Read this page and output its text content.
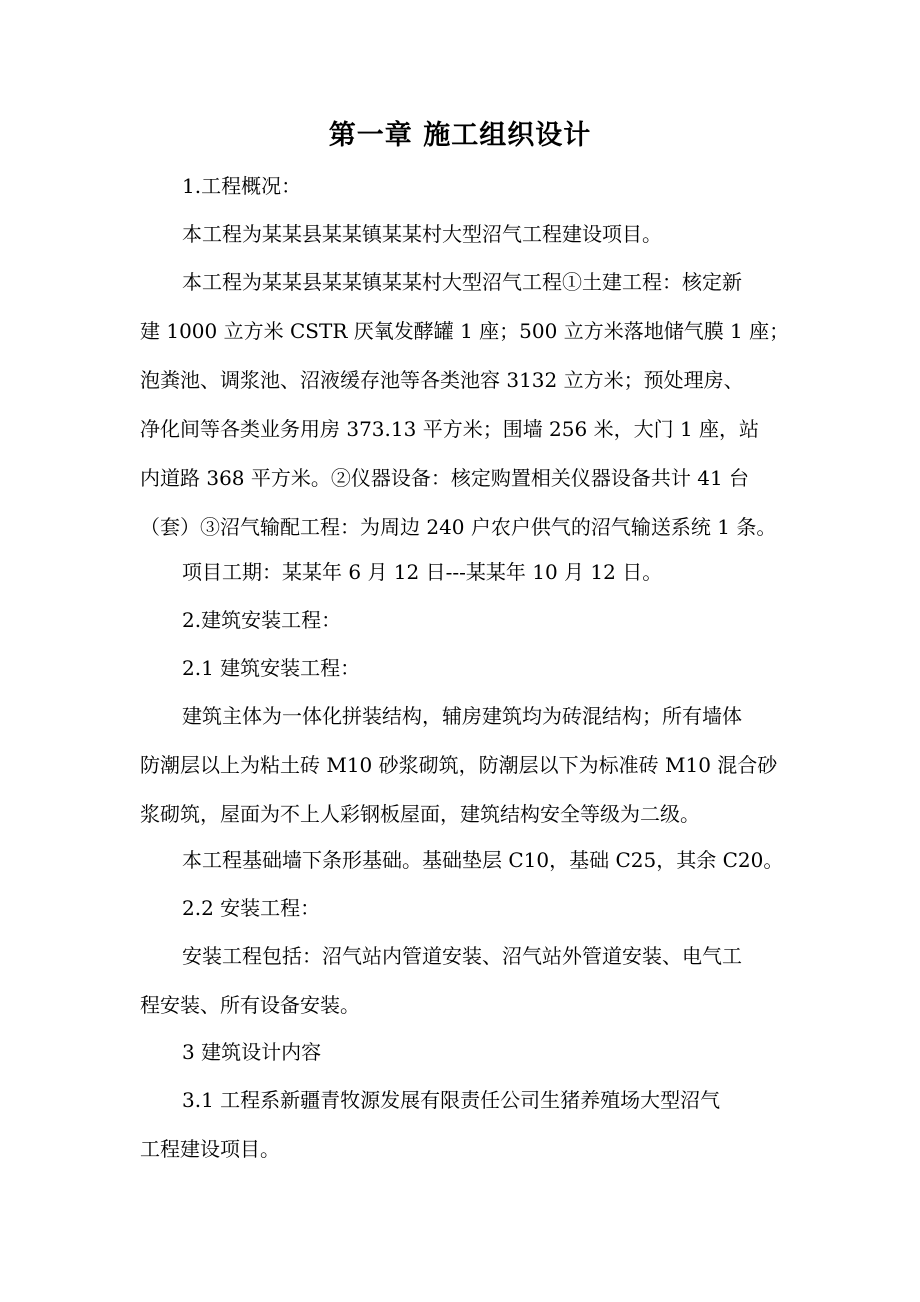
第一章 施工组织设计
1.工程概况：
本工程为某某县某某镇某某村大型沼气工程建设项目。
本工程为某某县某某镇某某村大型沼气工程①土建工程：核定新
建 1000 立方米 CSTR 厌氧发酵罐 1 座；500 立方米落地储气膜 1 座；
泡粪池、调浆池、沼液缓存池等各类池容 3132 立方米；预处理房、
净化间等各类业务用房 373.13 平方米；围墙 256 米，大门 1 座，站
内道路 368 平方米。②仪器设备：核定购置相关仪器设备共计 41 台
（套）③沼气输配工程：为周边 240 户农户供气的沼气输送系统 1 条。
项目工期：某某年 6 月 12 日---某某年 10 月 12 日。
2.建筑安装工程：
2.1 建筑安装工程：
建筑主体为一体化拼装结构，辅房建筑均为砖混结构；所有墙体
防潮层以上为粘土砖 M10 砂浆砌筑，防潮层以下为标准砖 M10 混合砂
浆砌筑，屋面为不上人彩钢板屋面，建筑结构安全等级为二级。
本工程基础墙下条形基础。基础垫层 C10，基础 C25，其余 C20。
2.2 安装工程：
安装工程包括：沼气站内管道安装、沼气站外管道安装、电气工
程安装、所有设备安装。
3 建筑设计内容
3.1 工程系新疆青牧源发展有限责任公司生猪养殖场大型沼气
工程建设项目。
